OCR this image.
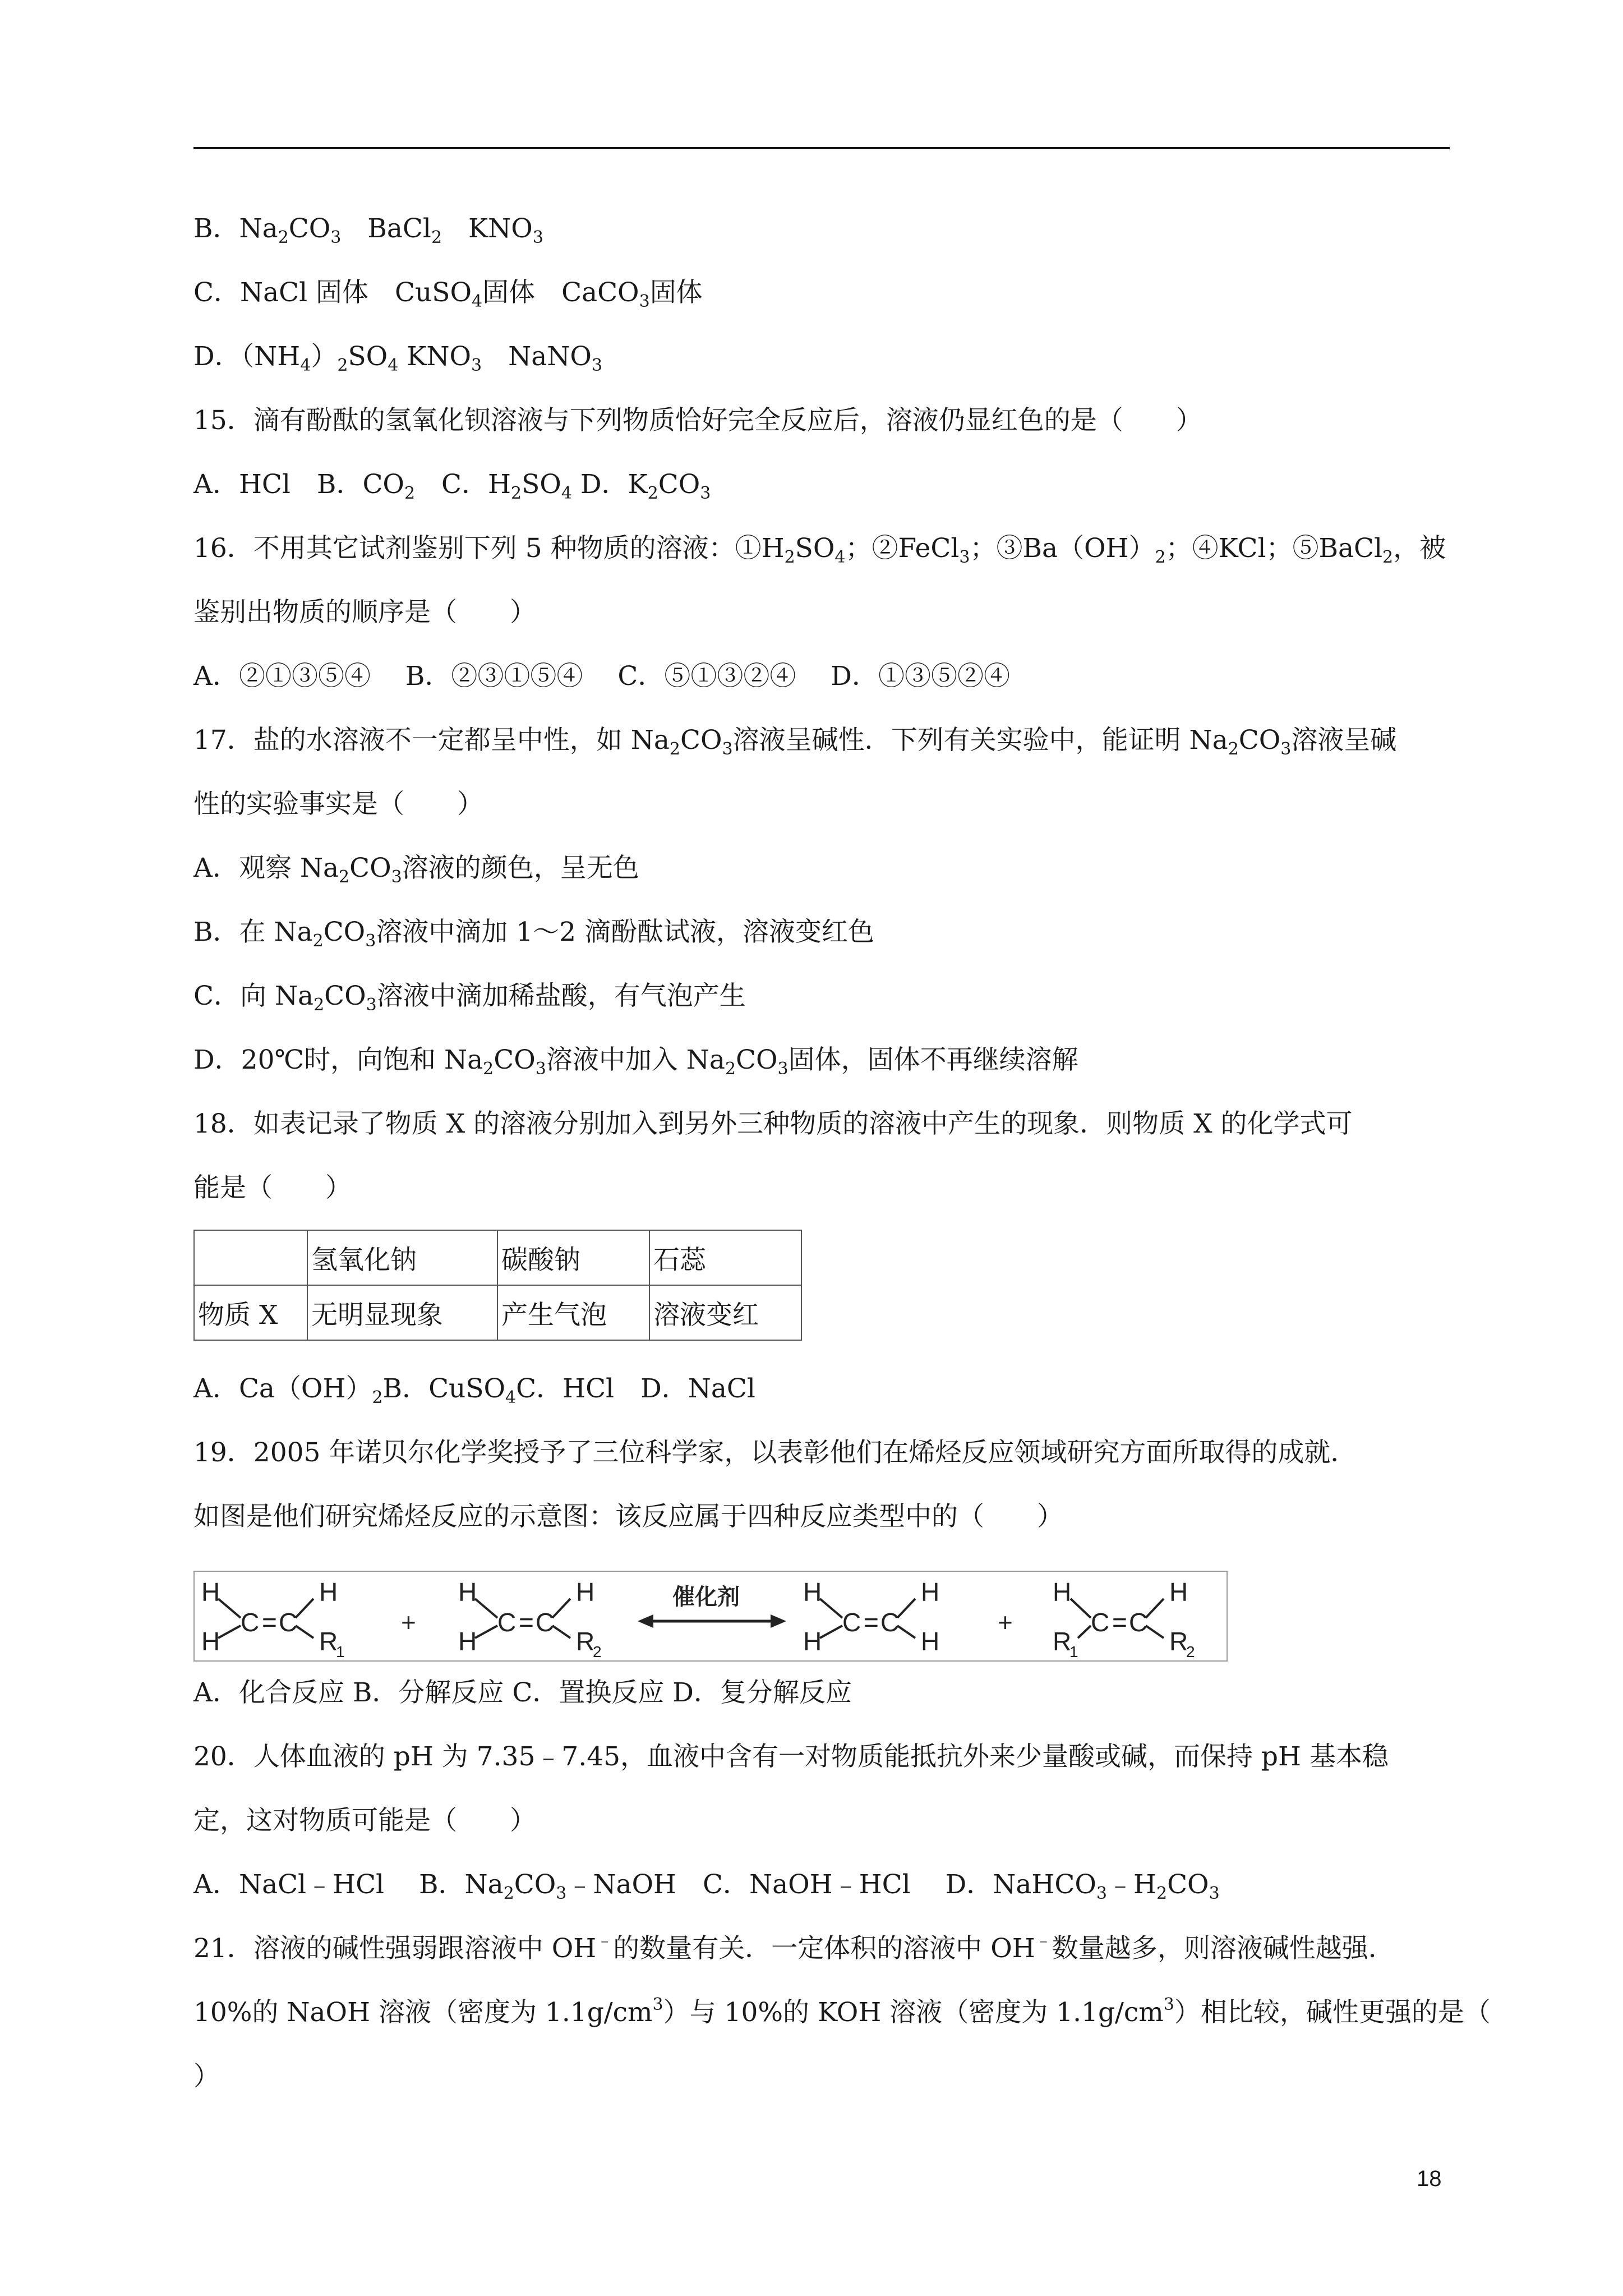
B．$Na_2CO_3$　BaCl$_2$　$KNO_3$
C．NaCl 固体　CuSO$_4$固体　CaCO$_3$固体
D．$(NH_4)_2SO_4$ $KNO_3$　NaNO$_3$
15．滴有酚酞的氢氧化钡溶液与下列物质恰好完全反应后，溶液仍显红色的是（　　）
A．HCl　B．$CO_2$　C．$H_2SO_4$ D．$K_2CO_3$
16．不用其它试剂鉴别下列 5 种物质的溶液：$①H_2SO_4$；②FeCl$_3$；$③Ba(OH)_2$；④KCl；⑤BaCl$_2$，被
鉴别出物质的顺序是（　　）
A．②①③⑤④　 B．②③①⑤④　 C．⑤①③②④　 D．①③⑤②④
17．盐的水溶液不一定都呈中性，如 $Na_2CO_3$溶液呈碱性．下列有关实验中，能证明 $Na_2CO_3$溶液呈碱
性的实验事实是（　　）
A．观察 $Na_2CO_3$溶液的颜色，呈无色
B．在 $Na_2CO_3$溶液中滴加 1～2 滴酚酞试液，溶液变红色
C．向 $Na_2CO_3$溶液中滴加稀盐酸，有气泡产生
D．20℃时，向饱和 $Na_2CO_3$溶液中加入 $Na_2CO_3$固体，固体不再继续溶解
18．如表记录了物质 X 的溶液分别加入到另外三种物质的溶液中产生的现象．则物质 X 的化学式可
能是（　　）
	氢氧化钠	碳酸钠	石蕊
物质 X	无明显现象	产生气泡	溶液变红
A．$Ca(OH)_2B$．CuSO$_4$C．HCl　D．NaCl
19．2005 年诺贝尔化学奖授予了三位科学家，以表彰他们在烯烃反应领域研究方面所取得的成就．
如图是他们研究烯烃反应的示意图：该反应属于四种反应类型中的（　　）
H
H
C = C
H
R
1
+
H
H
C = C
H
R
2
催化剂 H
H
C = C
H
H
+
H
R
1
C = C
H
R
2
A．化合反应 B．分解反应 C．置换反应 D．复分解反应
20．人体血液的 pH 为 7.35﹣7.45，血液中含有一对物质能抵抗外来少量酸或碱，而保持 pH 基本稳
定，这对物质可能是（　　）
A．NaCl﹣HCl　 B．$Na_2CO_3﹣NaOH$　C．NaOH﹣HCl　 D．$NaHCO_3﹣H_2CO_3$
21．溶液的碱性强弱跟溶液中 OH﹣的数量有关．一定体积的溶液中 OH﹣数量越多，则溶液碱性越强．
10%的 NaOH 溶液（密度为 $1.1g/cm^3$）与 10%的 KOH 溶液（密度为 $1.1g/cm^3$）相比较，碱性更强的是（
）
18
